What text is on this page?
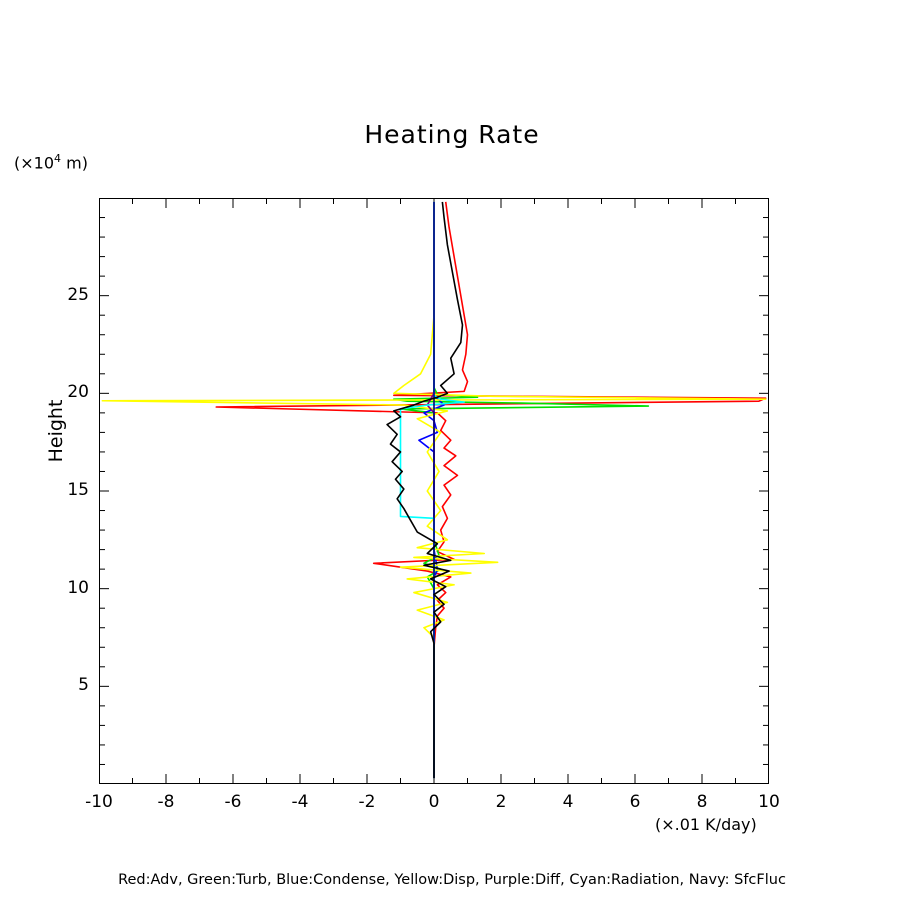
Heating Rate
($\times 10^4$ m)
Height
5
10
15
20
25
-10	-8	-6	-4	-2	0	2	4	6	8	10
(×.01 K/day)
Red:Adv, Green:Turb, Blue:Condense, Yellow:Disp, Purple:Diff, Cyan:Radiation, Navy: SfcFluc
